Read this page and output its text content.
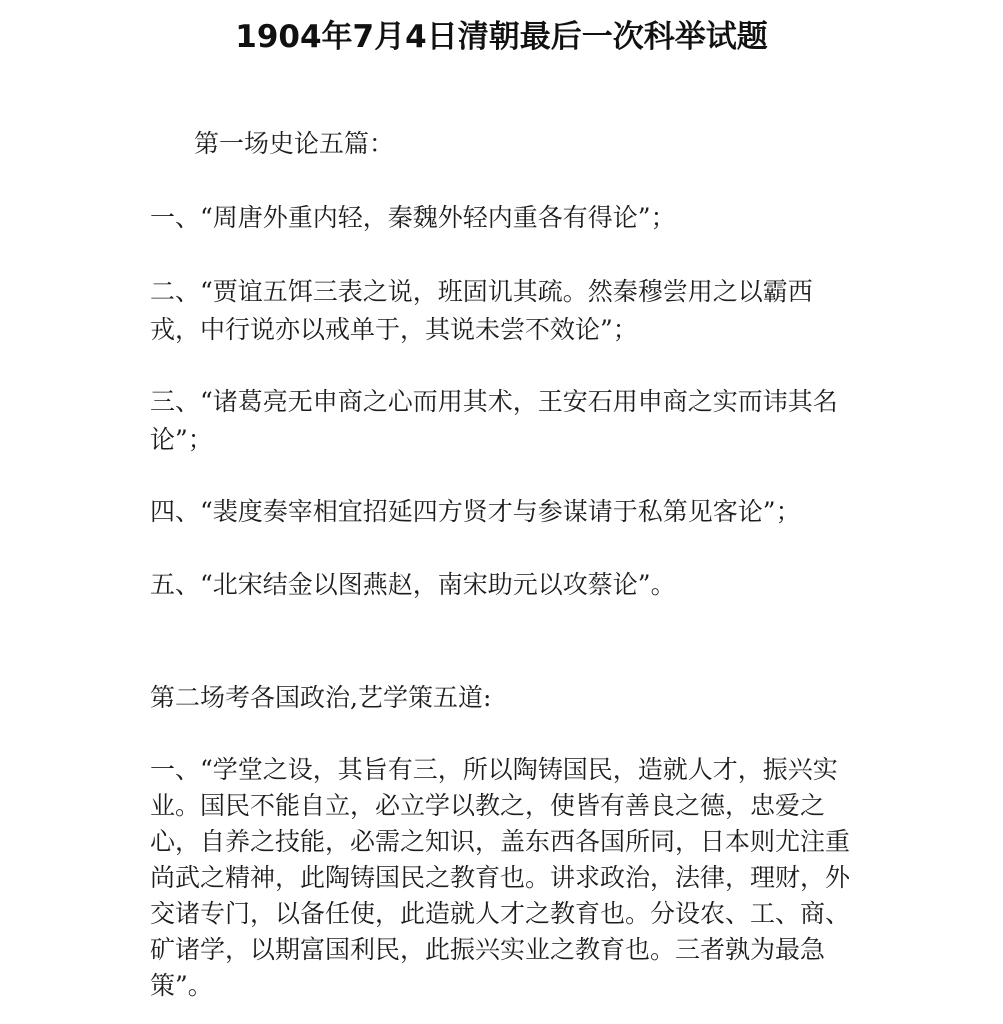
1904年7月4日清朝最后一次科举试题
第一场史论五篇：
一、“周唐外重内轻，秦魏外轻内重各有得论”；
二、“贾谊五饵三表之说，班固讥其疏。然秦穆尝用之以霸西
戎，中行说亦以戒单于，其说未尝不效论”；
三、“诸葛亮无申商之心而用其术，王安石用申商之实而讳其名
论”；
四、“裴度奏宰相宜招延四方贤才与参谋请于私第见客论”；
五、“北宋结金以图燕赵，南宋助元以攻蔡论”。
第二场考各国政治,艺学策五道:
一、“学堂之设，其旨有三，所以陶铸国民，造就人才，振兴实
业。国民不能自立，必立学以教之，使皆有善良之德，忠爱之
心，自养之技能，必需之知识，盖东西各国所同，日本则尤注重
尚武之精神，此陶铸国民之教育也。讲求政治，法律，理财，外
交诸专门，以备任使，此造就人才之教育也。分设农、工、商、
矿诸学，以期富国利民，此振兴实业之教育也。三者孰为最急
策”。
